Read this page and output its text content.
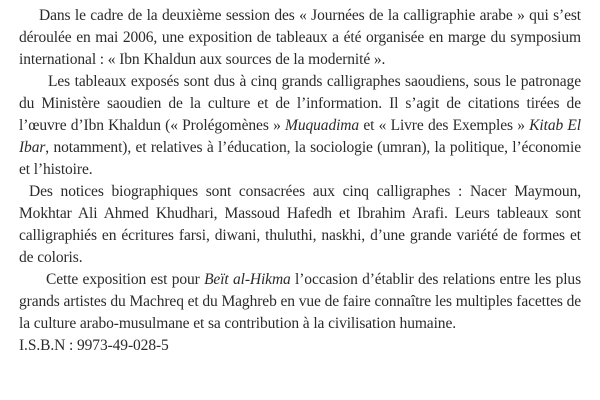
Dans le cadre de la deuxième session des « Journées de la calligraphie arabe » qui s’est déroulée en mai 2006, une exposition de tableaux a été organisée en marge du symposium international : « Ibn Khaldun aux sources de la modernité ».

Les tableaux exposés sont dus à cinq grands calligraphes saoudiens, sous le patronage du Ministère saoudien de la culture et de l’information. Il s’agit de citations tirées de l’œuvre d’Ibn Khaldun (« Prolégomènes » Muquadima et « Livre des Exemples » Kitab El Ibar, notamment), et relatives à l’éducation, la sociologie (umran), la politique, l’économie et l’histoire.

Des notices biographiques sont consacrées aux cinq calligraphes : Nacer Maymoun, Mokhtar Ali Ahmed Khudhari, Massoud Hafedh et Ibrahim Arafi. Leurs tableaux sont calligraphiés en écritures farsi, diwani, thuluthi, naskhi, d’une grande variété de formes et de coloris.

Cette exposition est pour Beït al-Hikma l’occasion d’établir des relations entre les plus grands artistes du Machreq et du Maghreb en vue de faire connaître les multiples facettes de la culture arabo-musulmane et sa contribution à la civilisation humaine.

I.S.B.N : 9973-49-028-5
